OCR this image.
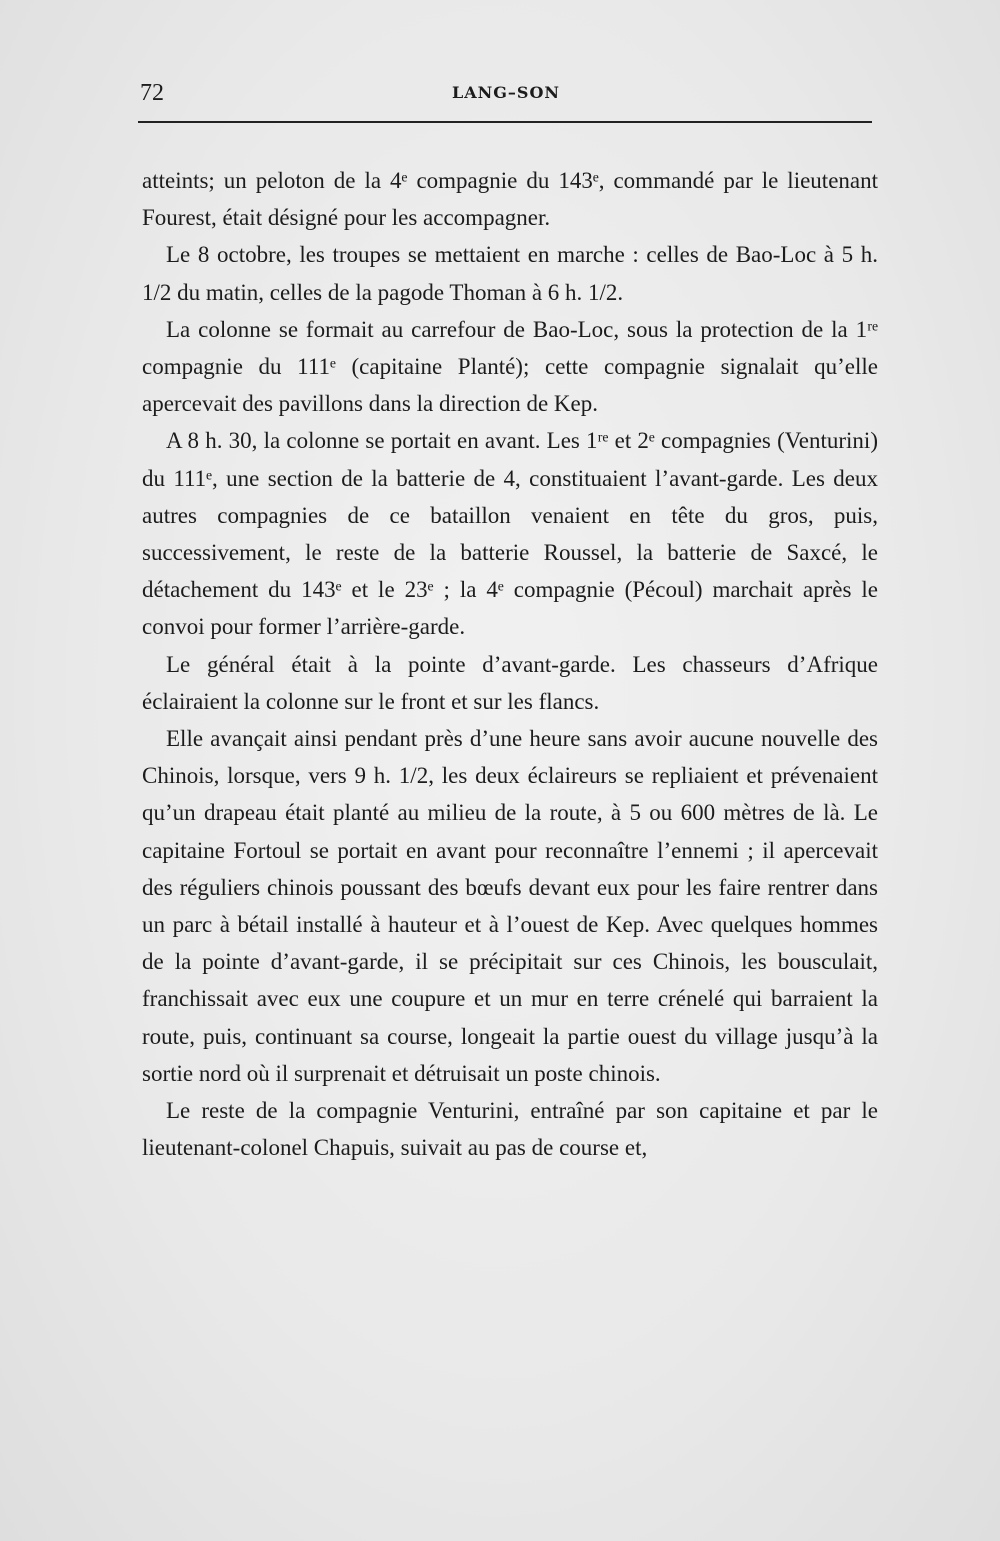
72	LANG–SON

atteints; un peloton de la 4ᵉ compagnie du 143ᵉ, commandé par le lieutenant Fourest, était désigné pour les accompagner.

Le 8 octobre, les troupes se mettaient en marche : celles de Bao-Loc à 5 h. 1/2 du matin, celles de la pagode Thoman à 6 h. 1/2.

La colonne se formait au carrefour de Bao-Loc, sous la protection de la 1ʳᵉ compagnie du 111ᵉ (capitaine Planté); cette compagnie signalait qu’elle apercevait des pavillons dans la direction de Kep.

A 8 h. 30, la colonne se portait en avant. Les 1ʳᵉ et 2ᵉ compagnies (Venturini) du 111ᵉ, une section de la batterie de 4, constituaient l’avant-garde. Les deux autres compagnies de ce bataillon venaient en tête du gros, puis, successivement, le reste de la batterie Roussel, la batterie de Saxcé, le détachement du 143ᵉ et le 23ᵉ ; la 4ᵉ compagnie (Pécoul) marchait après le convoi pour former l’arrière-garde.

Le général était à la pointe d’avant-garde. Les chasseurs d’Afrique éclairaient la colonne sur le front et sur les flancs.

Elle avançait ainsi pendant près d’une heure sans avoir aucune nouvelle des Chinois, lorsque, vers 9 h. 1/2, les deux éclaireurs se repliaient et prévenaient qu’un drapeau était planté au milieu de la route, à 5 ou 600 mètres de là. Le capitaine Fortoul se portait en avant pour reconnaître l’ennemi ; il apercevait des réguliers chinois poussant des bœufs devant eux pour les faire rentrer dans un parc à bétail installé à hauteur et à l’ouest de Kep. Avec quelques hommes de la pointe d’avant-garde, il se précipitait sur ces Chinois, les bousculait, franchissait avec eux une coupure et un mur en terre crénelé qui barraient la route, puis, continuant sa course, longeait la partie ouest du village jusqu’à la sortie nord où il surprenait et détruisait un poste chinois.

Le reste de la compagnie Venturini, entraîné par son capitaine et par le lieutenant-colonel Chapuis, suivait au pas de course et,
